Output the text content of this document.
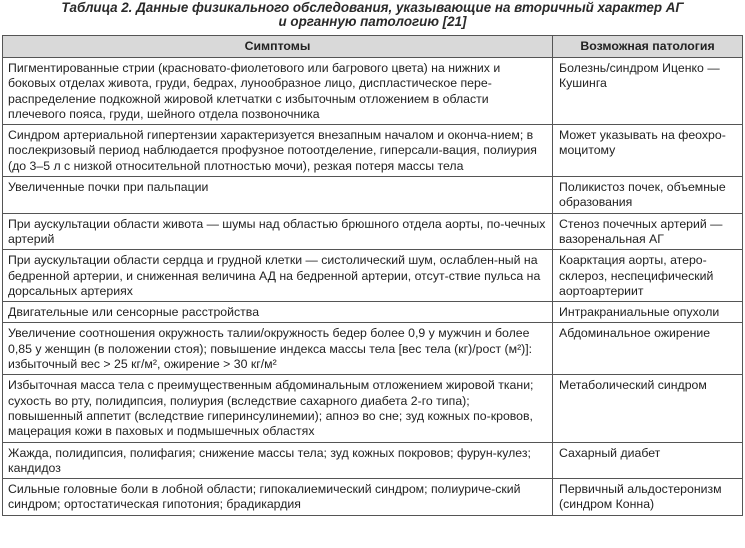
Таблица 2. Данные физикального обследования, указывающие на вторичный характер АГ
и органную патологию [21]
Симптомы	Возможная патология
Пигментированные стрии (красновато-фиолетового или багрового цвета) на нижних и боковых отделах живота, груди, бедрах, лунообразное лицо, диспластическое пере-распределение подкожной жировой клетчатки с избыточным отложением в области плечевого пояса, груди, шейного отдела позвоночника	Болезнь/синдром Иценко — Кушинга
Синдром артериальной гипертензии характеризуется внезапным началом и оконча-нием; в послекризовый период наблюдается профузное потоотделение, гиперсали-вация, полиурия (до 3–5 л с низкой относительной плотностью мочи), резкая потеря массы тела	Может указывать на феохро-моцитому
Увеличенные почки при пальпации	Поликистоз почек, объемные образования
При аускультации области живота — шумы над областью брюшного отдела аорты, по-чечных артерий	Стеноз почечных артерий — вазоренальная АГ
При аускультации области сердца и грудной клетки — систолический шум, ослаблен-ный на бедренной артерии, и сниженная величина АД на бедренной артерии, отсут-ствие пульса на дорсальных артериях	Коарктация аорты, атеро-склероз, неспецифический аортоартериит
Двигательные или сенсорные расстройства	Интракраниальные опухоли
Увеличение соотношения окружность талии/окружность бедер более 0,9 у мужчин и более 0,85 у женщин (в положении стоя); повышение индекса массы тела [вес тела (кг)/рост (м²)]: избыточный вес > 25 кг/м², ожирение > 30 кг/м²	Абдоминальное ожирение
Избыточная масса тела с преимущественным абдоминальным отложением жировой ткани; сухость во рту, полидипсия, полиурия (вследствие сахарного диабета 2-го типа); повышенный аппетит (вследствие гиперинсулинемии); апноэ во сне; зуд кожных по-кровов, мацерация кожи в паховых и подмышечных областях	Метаболический синдром
Жажда, полидипсия, полифагия; снижение массы тела; зуд кожных покровов; фурун-кулез; кандидоз	Сахарный диабет
Сильные головные боли в лобной области; гипокалиемический синдром; полиуриче-ский синдром; ортостатическая гипотония; брадикардия	Первичный альдостеронизм (синдром Конна)
